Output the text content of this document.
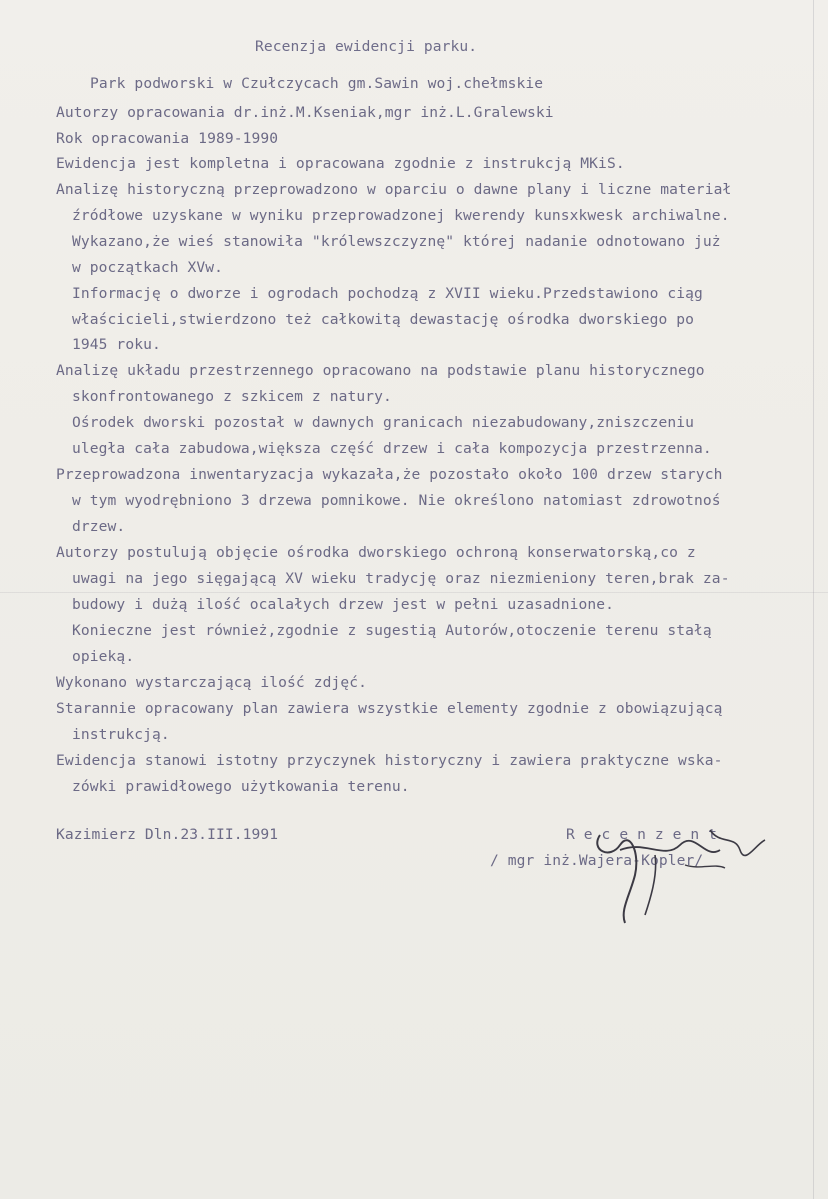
Recenzja ewidencji parku.
Park podworski w Czułczycach gm.Sawin woj.chełmskie
Autorzy opracowania dr.inż.M.Kseniak,mgr inż.L.Gralewski
Rok opracowania 1989-1990
Ewidencja jest kompletna i opracowana zgodnie z instrukcją MKiS.
Analizę historyczną przeprowadzono w oparciu o dawne plany i liczne materiał
źródłowe uzyskane w wyniku przeprowadzonej kwerendy kunsxkwesk archiwalne.
Wykazano,że wieś stanowiła "królewszczyznę" której nadanie odnotowano już
w początkach XVw.
Informację o dworze i ogrodach pochodzą z XVII wieku.Przedstawiono ciąg
właścicieli,stwierdzono też całkowitą dewastację ośrodka dworskiego po
1945 roku.
Analizę układu przestrzennego opracowano na podstawie planu historycznego
skonfrontowanego z szkicem z natury.
Ośrodek dworski pozostał w dawnych granicach niezabudowany,zniszczeniu
uległa cała zabudowa,większa część drzew i cała kompozycja przestrzenna.
Przeprowadzona inwentaryzacja wykazała,że pozostało około 100 drzew starych
w tym wyodrębniono 3 drzewa pomnikowe. Nie określono natomiast zdrowotnoś
drzew.
Autorzy postulują objęcie ośrodka dworskiego ochroną konserwatorską,co z
uwagi na jego sięgającą XV wieku tradycję oraz niezmieniony teren,brak za-
budowy i dużą ilość ocalałych drzew jest w pełni uzasadnione.
Konieczne jest również,zgodnie z sugestią Autorów,otoczenie terenu stałą
opieką.
Wykonano wystarczającą ilość zdjęć.
Starannie opracowany plan zawiera wszystkie elementy zgodnie z obowiązującą
instrukcją.
Ewidencja stanowi istotny przyczynek historyczny i zawiera praktyczne wska-
zówki prawidłowego użytkowania terenu.
Kazimierz Dln.23.III.1991	R e c e n z e n t
/ mgr inż.Wajera-Kopler/
